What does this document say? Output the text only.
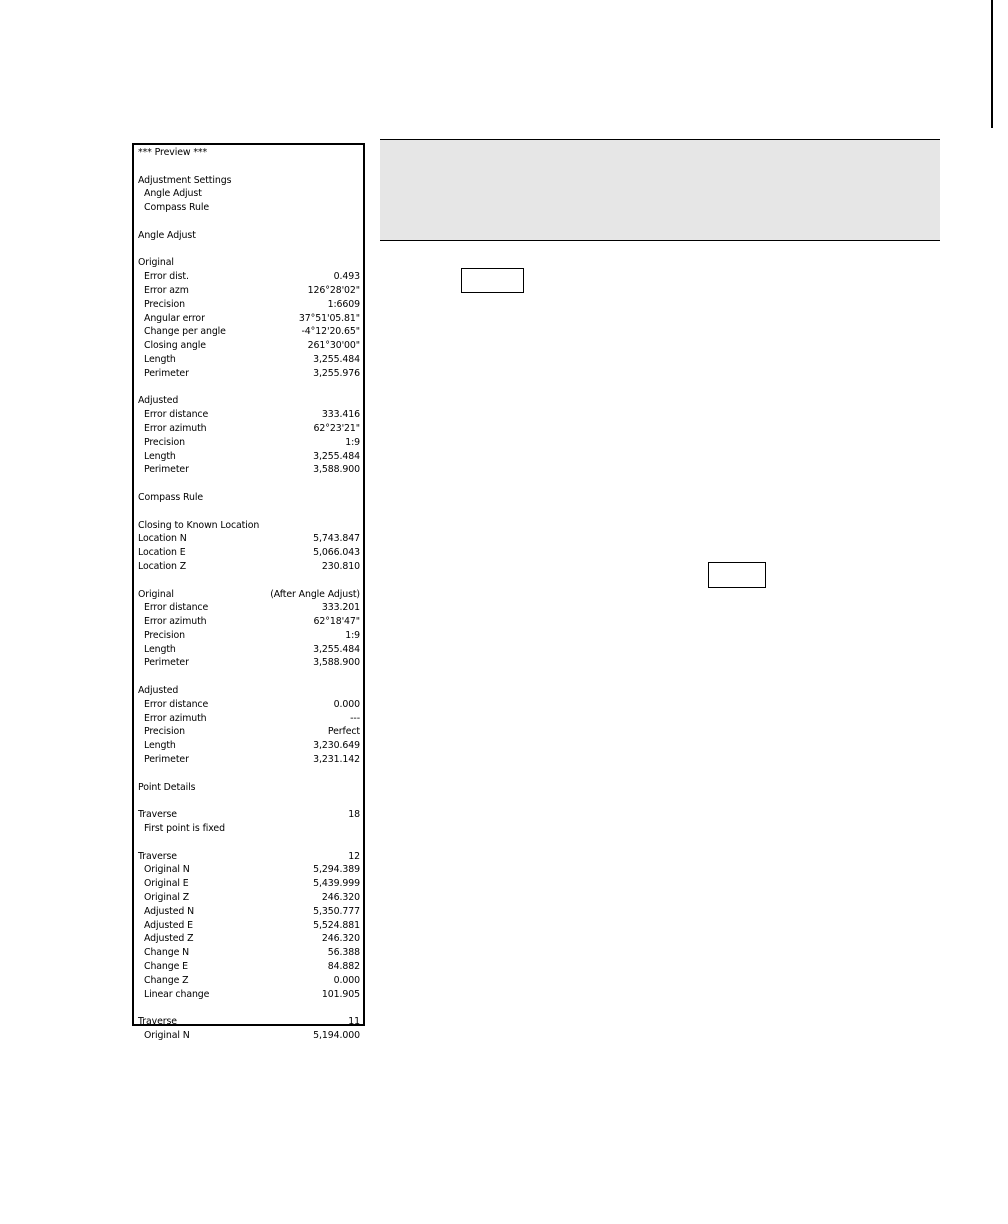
*** Preview ***
Adjustment Settings
Angle Adjust
Compass Rule
Angle Adjust
Original
Error dist.	0.493
Error azm	126°28'02"
Precision	1:6609
Angular error	37°51'05.81"
Change per angle	-4°12'20.65"
Closing angle	261°30'00"
Length	3,255.484
Perimeter	3,255.976
Adjusted
Error distance	333.416
Error azimuth	62°23'21"
Precision	1:9
Length	3,255.484
Perimeter	3,588.900
Compass Rule
Closing to Known Location
Location N	5,743.847
Location E	5,066.043
Location Z	230.810
Original	(After Angle Adjust)
Error distance	333.201
Error azimuth	62°18'47"
Precision	1:9
Length	3,255.484
Perimeter	3,588.900
Adjusted
Error distance	0.000
Error azimuth	---
Precision	Perfect
Length	3,230.649
Perimeter	3,231.142
Point Details
Traverse	18
First point is fixed
Traverse	12
Original N	5,294.389
Original E	5,439.999
Original Z	246.320
Adjusted N	5,350.777
Adjusted E	5,524.881
Adjusted Z	246.320
Change N	56.388
Change E	84.882
Change Z	0.000
Linear change	101.905
Traverse	11
Original N	5,194.000
